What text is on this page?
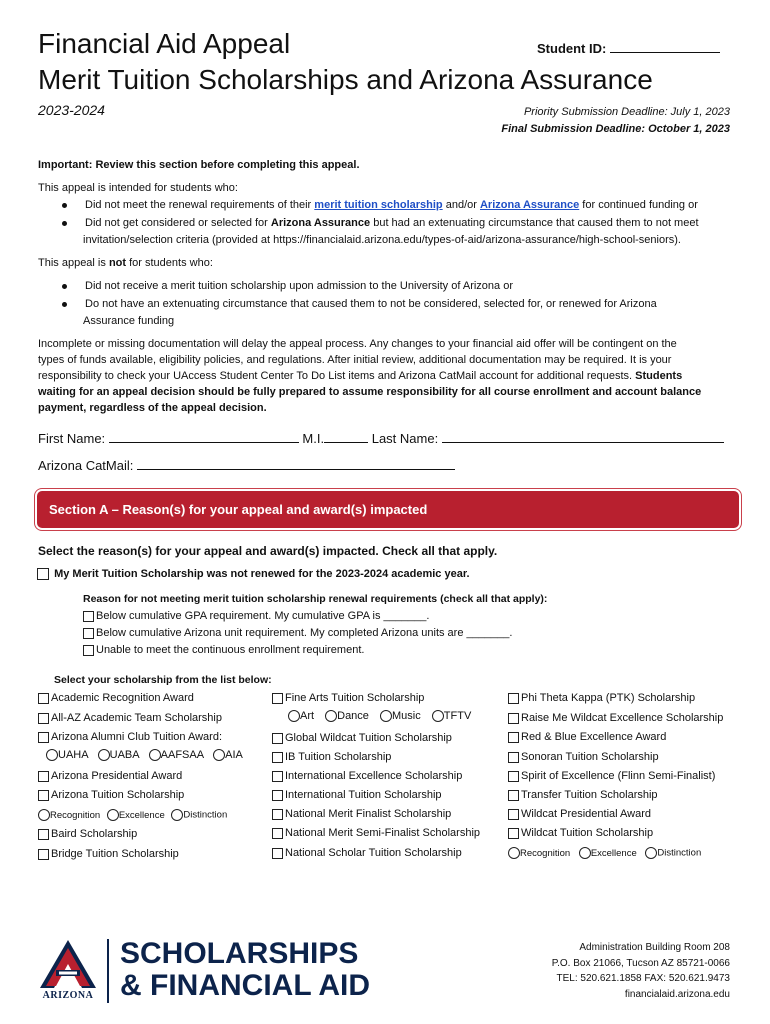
Financial Aid Appeal	Student ID:
Merit Tuition Scholarships and Arizona Assurance
2023-2024	Priority Submission Deadline: July 1, 2023
Final Submission Deadline: October 1, 2023
Important: Review this section before completing this appeal.
This appeal is intended for students who:
Did not meet the renewal requirements of their merit tuition scholarship and/or Arizona Assurance for continued funding or
Did not get considered or selected for Arizona Assurance but had an extenuating circumstance that caused them to not meet
invitation/selection criteria (provided at https://financialaid.arizona.edu/types-of-aid/arizona-assurance/high-school-seniors).
This appeal is not for students who:
Did not receive a merit tuition scholarship upon admission to the University of Arizona or
Do not have an extenuating circumstance that caused them to not be considered, selected for, or renewed for Arizona
Assurance funding
Incomplete or missing documentation will delay the appeal process. Any changes to your financial aid offer will be contingent on the
types of funds available, eligibility policies, and regulations. After initial review, additional documentation may be required. It is your
responsibility to check your UAccess Student Center To Do List items and Arizona CatMail account for additional requests. Students
waiting for an appeal decision should be fully prepared to assume responsibility for all course enrollment and account balance
payment, regardless of the appeal decision.
First Name:	M.I.	Last Name:
Arizona CatMail:
Section A – Reason(s) for your appeal and award(s) impacted
Select the reason(s) for your appeal and award(s) impacted. Check all that apply.
My Merit Tuition Scholarship was not renewed for the 2023-2024 academic year.
Reason for not meeting merit tuition scholarship renewal requirements (check all that apply):
Below cumulative GPA requirement. My cumulative GPA is _______.
Below cumulative Arizona unit requirement. My completed Arizona units are _______.
Unable to meet the continuous enrollment requirement.
Select your scholarship from the list below:
Academic Recognition Award
All-AZ Academic Team Scholarship
Arizona Alumni Club Tuition Award:
UAHA UABA AAFSAA AIA
Arizona Presidential Award
Arizona Tuition Scholarship
Recognition Excellence Distinction
Baird Scholarship
Bridge Tuition Scholarship
Fine Arts Tuition Scholarship
Art Dance Music TFTV
Global Wildcat Tuition Scholarship
IB Tuition Scholarship
International Excellence Scholarship
International Tuition Scholarship
National Merit Finalist Scholarship
National Merit Semi-Finalist Scholarship
National Scholar Tuition Scholarship
Phi Theta Kappa (PTK) Scholarship
Raise Me Wildcat Excellence Scholarship
Red & Blue Excellence Award
Sonoran Tuition Scholarship
Spirit of Excellence (Flinn Semi-Finalist)
Transfer Tuition Scholarship
Wildcat Presidential Award
Wildcat Tuition Scholarship
Recognition Excellence Distinction
ARIZONA
SCHOLARSHIPS
& FINANCIAL AID
Administration Building Room 208
P.O. Box 21066, Tucson AZ 85721-0066
TEL: 520.621.1858 FAX: 520.621.9473
financialaid.arizona.edu
